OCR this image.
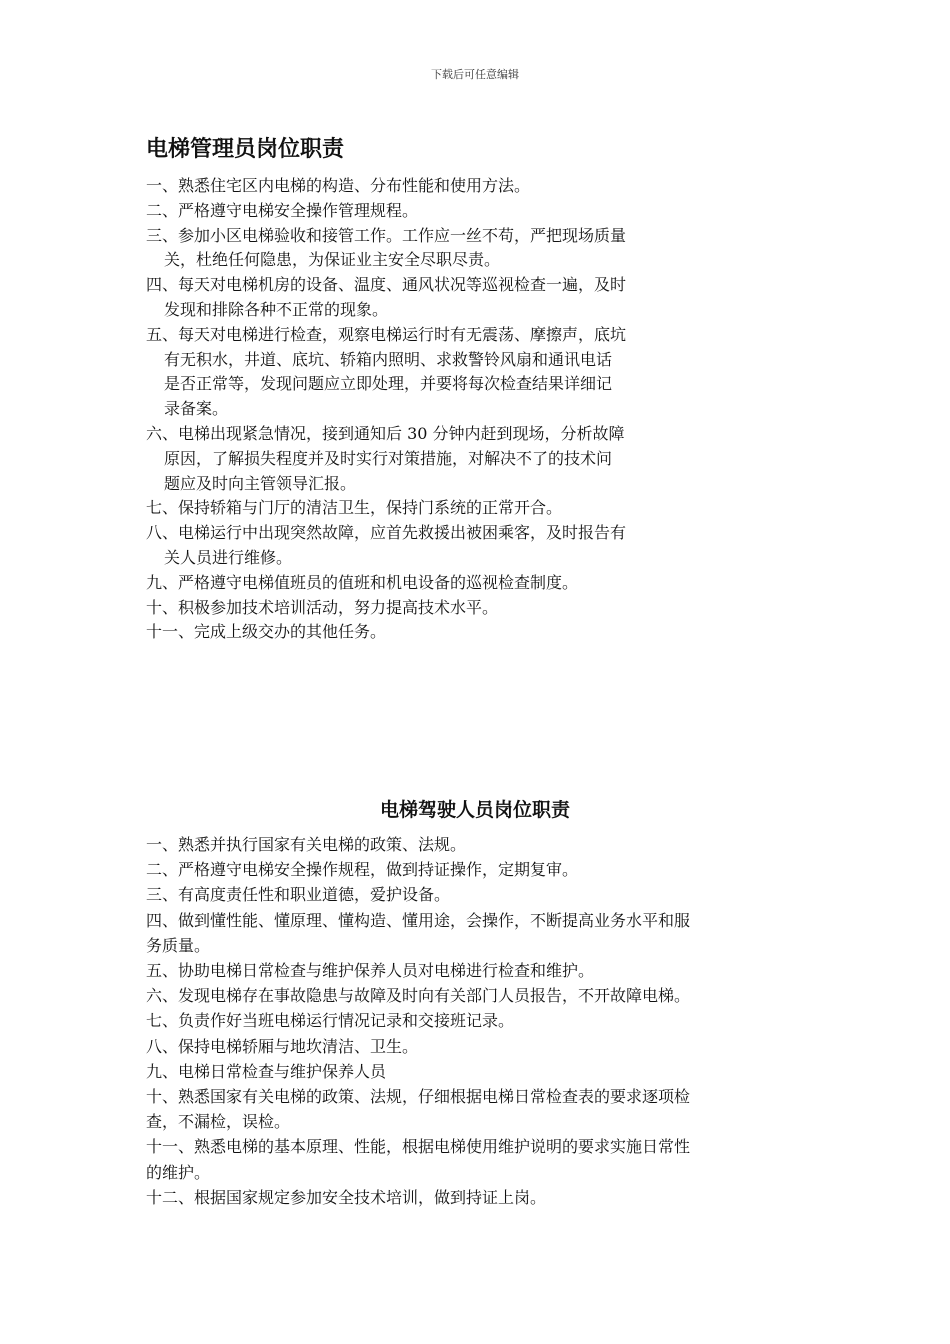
下载后可任意编辑
电梯管理员岗位职责
一、熟悉住宅区内电梯的构造、分布性能和使用方法。
二、严格遵守电梯安全操作管理规程。
三、参加小区电梯验收和接管工作。工作应一丝不苟，严把现场质量
关，杜绝任何隐患，为保证业主安全尽职尽责。
四、每天对电梯机房的设备、温度、通风状况等巡视检查一遍，及时
发现和排除各种不正常的现象。
五、每天对电梯进行检查，观察电梯运行时有无震荡、摩擦声，底坑
有无积水，井道、底坑、轿箱内照明、求救警铃风扇和通讯电话
是否正常等，发现问题应立即处理，并要将每次检查结果详细记
录备案。
六、电梯出现紧急情况，接到通知后 30 分钟内赶到现场，分析故障
原因，了解损失程度并及时实行对策措施，对解决不了的技术问
题应及时向主管领导汇报。
七、保持轿箱与门厅的清洁卫生，保持门系统的正常开合。
八、电梯运行中出现突然故障，应首先救援出被困乘客，及时报告有
关人员进行维修。
九、严格遵守电梯值班员的值班和机电设备的巡视检查制度。
十、积极参加技术培训活动，努力提高技术水平。
十一、完成上级交办的其他任务。
电梯驾驶人员岗位职责
一、熟悉并执行国家有关电梯的政策、法规。
二、严格遵守电梯安全操作规程，做到持证操作，定期复审。
三、有高度责任性和职业道德，爱护设备。
四、做到懂性能、懂原理、懂构造、懂用途，会操作，不断提高业务水平和服
务质量。
五、协助电梯日常检查与维护保养人员对电梯进行检查和维护。
六、发现电梯存在事故隐患与故障及时向有关部门人员报告，不开故障电梯。
七、负责作好当班电梯运行情况记录和交接班记录。
八、保持电梯轿厢与地坎清洁、卫生。
九、电梯日常检查与维护保养人员
十、熟悉国家有关电梯的政策、法规，仔细根据电梯日常检查表的要求逐项检
查，不漏检，误检。
十一、熟悉电梯的基本原理、性能，根据电梯使用维护说明的要求实施日常性
的维护。
十二、根据国家规定参加安全技术培训，做到持证上岗。
